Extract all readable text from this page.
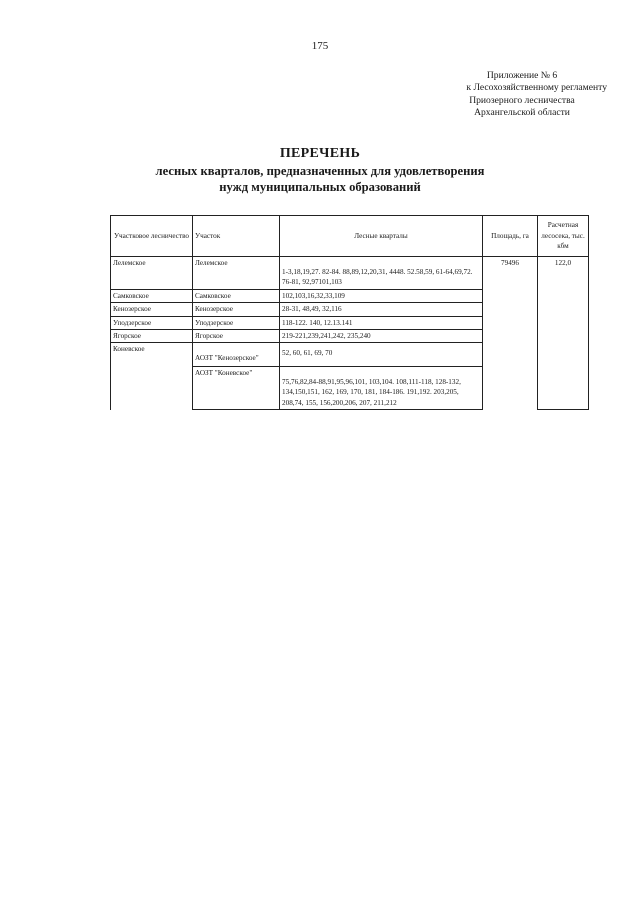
175
Приложение № 6
к Лесохозяйственному регламенту
Приозерного лесничества
Архангельской области
ПЕРЕЧЕНЬ
лесных кварталов, предназначенных для удовлетворения
нужд муниципальных образований
Участковое лесничество	Участок	Лесные кварталы	Площадь, га	Расчетная лесосека, тыс. кбм
Лелемское	Лелемское	1-3,18,19,27. 82-84. 88,89,12,20,31, 4448. 52.58,59, 61-64,69,72. 76-81, 92,97101,103	79496	122,0
Самковское	Самковское	102,103,16,32,33,109		
Кенозерское	Кенозерское	28-31, 48,49, 32,116		
Уподзерское	Уподзерское	118-122. 140, 12.13.141		
Ягорское	Ягорское	219-221,239,241,242, 235,240		
Коневское	АОЗТ "Кенозерское"	52, 60, 61, 69, 70	

	АОЗТ "Коневское"	75,76,82,84-88,91,95,96,101, 103,104. 108,111-118, 128-132, 134,150,151, 162, 169, 170, 181, 184-186. 191,192. 203,205, 208,74, 155, 156,200,206, 207, 211,212		
